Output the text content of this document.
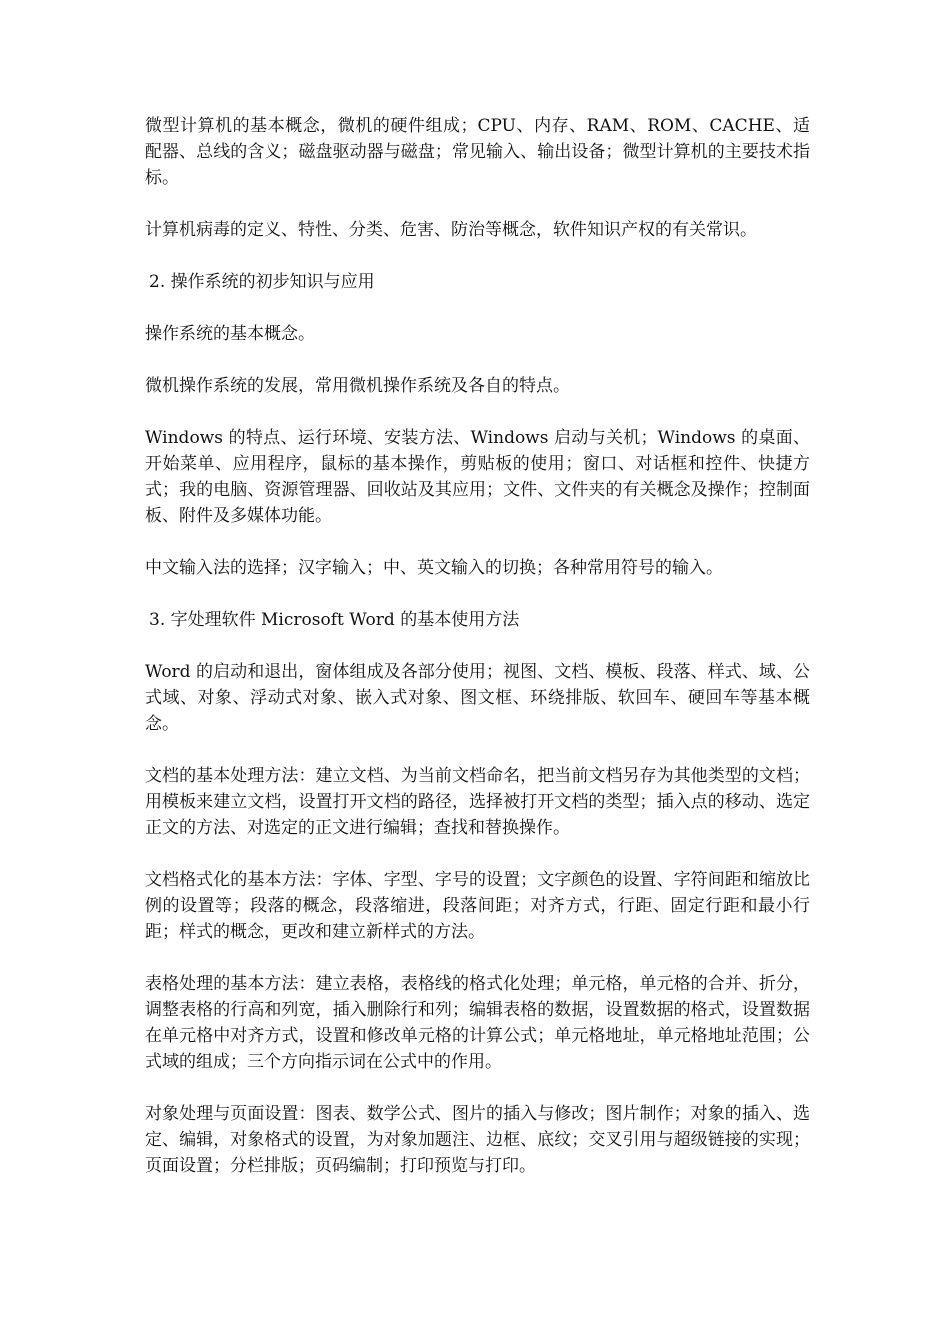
微型计算机的基本概念，微机的硬件组成；CPU、内存、RAM、ROM、CACHE、适配器、总线的含义；磁盘驱动器与磁盘；常见输入、输出设备；微型计算机的主要技术指标。

计算机病毒的定义、特性、分类、危害、防治等概念，软件知识产权的有关常识。

2. 操作系统的初步知识与应用

操作系统的基本概念。

微机操作系统的发展，常用微机操作系统及各自的特点。

Windows 的特点、运行环境、安装方法、Windows 启动与关机；Windows 的桌面、开始菜单、应用程序，鼠标的基本操作，剪贴板的使用；窗口、对话框和控件、快捷方式；我的电脑、资源管理器、回收站及其应用；文件、文件夹的有关概念及操作；控制面板、附件及多媒体功能。

中文输入法的选择；汉字输入；中、英文输入的切换；各种常用符号的输入。

3. 字处理软件 Microsoft Word 的基本使用方法

Word 的启动和退出，窗体组成及各部分使用；视图、文档、模板、段落、样式、域、公式域、对象、浮动式对象、嵌入式对象、图文框、环绕排版、软回车、硬回车等基本概念。

文档的基本处理方法：建立文档、为当前文档命名，把当前文档另存为其他类型的文档；用模板来建立文档，设置打开文档的路径，选择被打开文档的类型；插入点的移动、选定正文的方法、对选定的正文进行编辑；查找和替换操作。

文档格式化的基本方法：字体、字型、字号的设置；文字颜色的设置、字符间距和缩放比例的设置等；段落的概念，段落缩进，段落间距；对齐方式，行距、固定行距和最小行距；样式的概念，更改和建立新样式的方法。

表格处理的基本方法：建立表格，表格线的格式化处理；单元格，单元格的合并、折分，调整表格的行高和列宽，插入删除行和列；编辑表格的数据，设置数据的格式，设置数据在单元格中对齐方式，设置和修改单元格的计算公式；单元格地址，单元格地址范围；公式域的组成；三个方向指示词在公式中的作用。

对象处理与页面设置：图表、数学公式、图片的插入与修改；图片制作；对象的插入、选定、编辑，对象格式的设置，为对象加题注、边框、底纹；交叉引用与超级链接的实现；页面设置；分栏排版；页码编制；打印预览与打印。
